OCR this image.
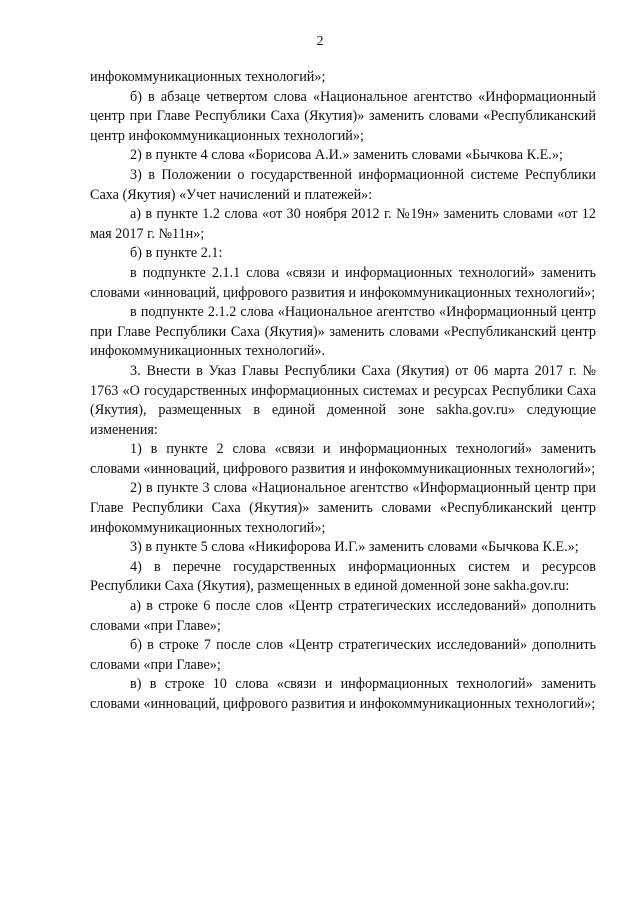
2

инфокоммуникационных технологий»;

б) в абзаце четвертом слова «Национальное агентство «Информационный центр при Главе Республики Саха (Якутия)» заменить словами «Республиканский центр инфокоммуникационных технологий»;

2) в пункте 4 слова «Борисова А.И.» заменить словами «Бычкова К.Е.»;

3) в Положении о государственной информационной системе Республики Саха (Якутия) «Учет начислений и платежей»:

а) в пункте 1.2 слова «от 30 ноября 2012 г. №19н» заменить словами «от 12 мая 2017 г. №11н»;

б) в пункте 2.1:

в подпункте 2.1.1 слова «связи и информационных технологий» заменить словами «инноваций, цифрового развития и инфокоммуникационных технологий»;

в подпункте 2.1.2 слова «Национальное агентство «Информационный центр при Главе Республики Саха (Якутия)» заменить словами «Республиканский центр инфокоммуникационных технологий».

3. Внести в Указ Главы Республики Саха (Якутия) от 06 марта 2017 г. № 1763 «О государственных информационных системах и ресурсах Республики Саха (Якутия), размещенных в единой доменной зоне sakha.gov.ru» следующие изменения:

1) в пункте 2 слова «связи и информационных технологий» заменить словами «инноваций, цифрового развития и инфокоммуникационных технологий»;

2) в пункте 3 слова «Национальное агентство «Информационный центр при Главе Республики Саха (Якутия)» заменить словами «Республиканский центр инфокоммуникационных технологий»;

3) в пункте 5 слова «Никифорова И.Г.» заменить словами «Бычкова К.Е.»;

4) в перечне государственных информационных систем и ресурсов Республики Саха (Якутия), размещенных в единой доменной зоне sakha.gov.ru:

а) в строке 6 после слов «Центр стратегических исследований» дополнить словами «при Главе»;

б) в строке 7 после слов «Центр стратегических исследований» дополнить словами «при Главе»;

в) в строке 10 слова «связи и информационных технологий» заменить словами «инноваций, цифрового развития и инфокоммуникационных технологий»;
